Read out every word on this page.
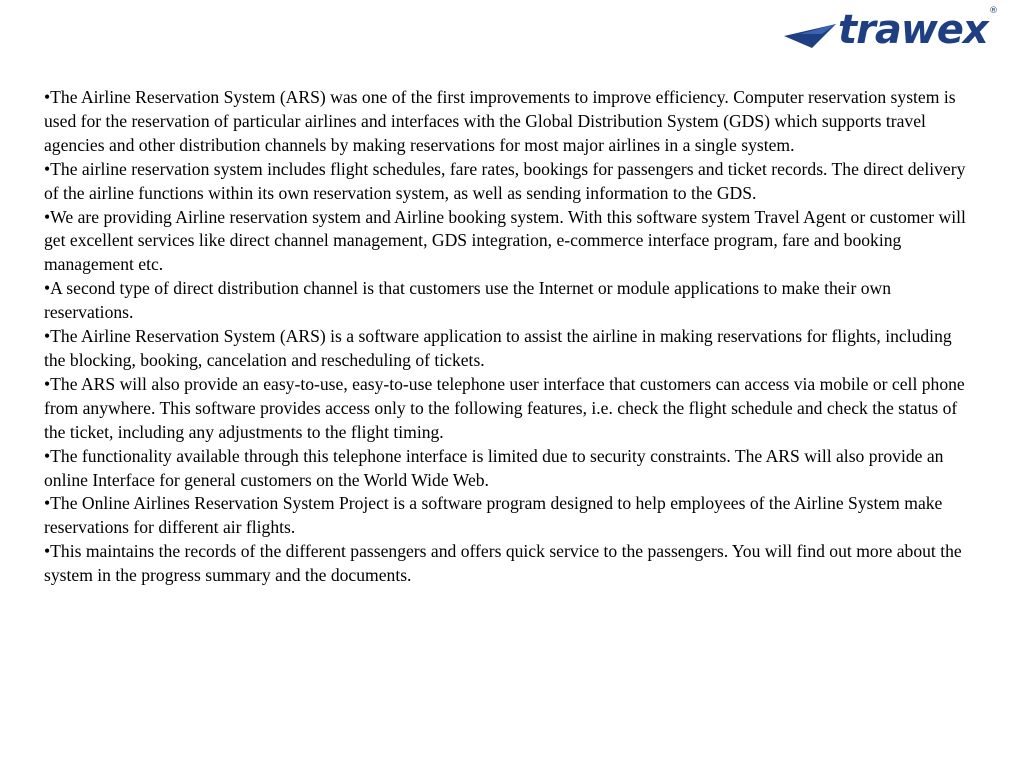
trawex ®

•The Airline Reservation System (ARS) was one of the first improvements to improve efficiency. Computer reservation system is used for the reservation of particular airlines and interfaces with the Global Distribution System (GDS) which supports travel agencies and other distribution channels by making reservations for most major airlines in a single system.

•The airline reservation system includes flight schedules, fare rates, bookings for passengers and ticket records. The direct delivery of the airline functions within its own reservation system, as well as sending information to the GDS.

•We are providing Airline reservation system and Airline booking system. With this software system Travel Agent or customer will get excellent services like direct channel management, GDS integration, e-commerce interface program, fare and booking management etc.

•A second type of direct distribution channel is that customers use the Internet or module applications to make their own reservations.

•The Airline Reservation System (ARS) is a software application to assist the airline in making reservations for flights, including the blocking, booking, cancelation and rescheduling of tickets.

•The ARS will also provide an easy-to-use, easy-to-use telephone user interface that customers can access via mobile or cell phone from anywhere. This software provides access only to the following features, i.e. check the flight schedule and check the status of the ticket, including any adjustments to the flight timing.

•The functionality available through this telephone interface is limited due to security constraints. The ARS will also provide an online Interface for general customers on the World Wide Web.

•The Online Airlines Reservation System Project is a software program designed to help employees of the Airline System make reservations for different air flights.

•This maintains the records of the different passengers and offers quick service to the passengers. You will find out more about the system in the progress summary and the documents.
